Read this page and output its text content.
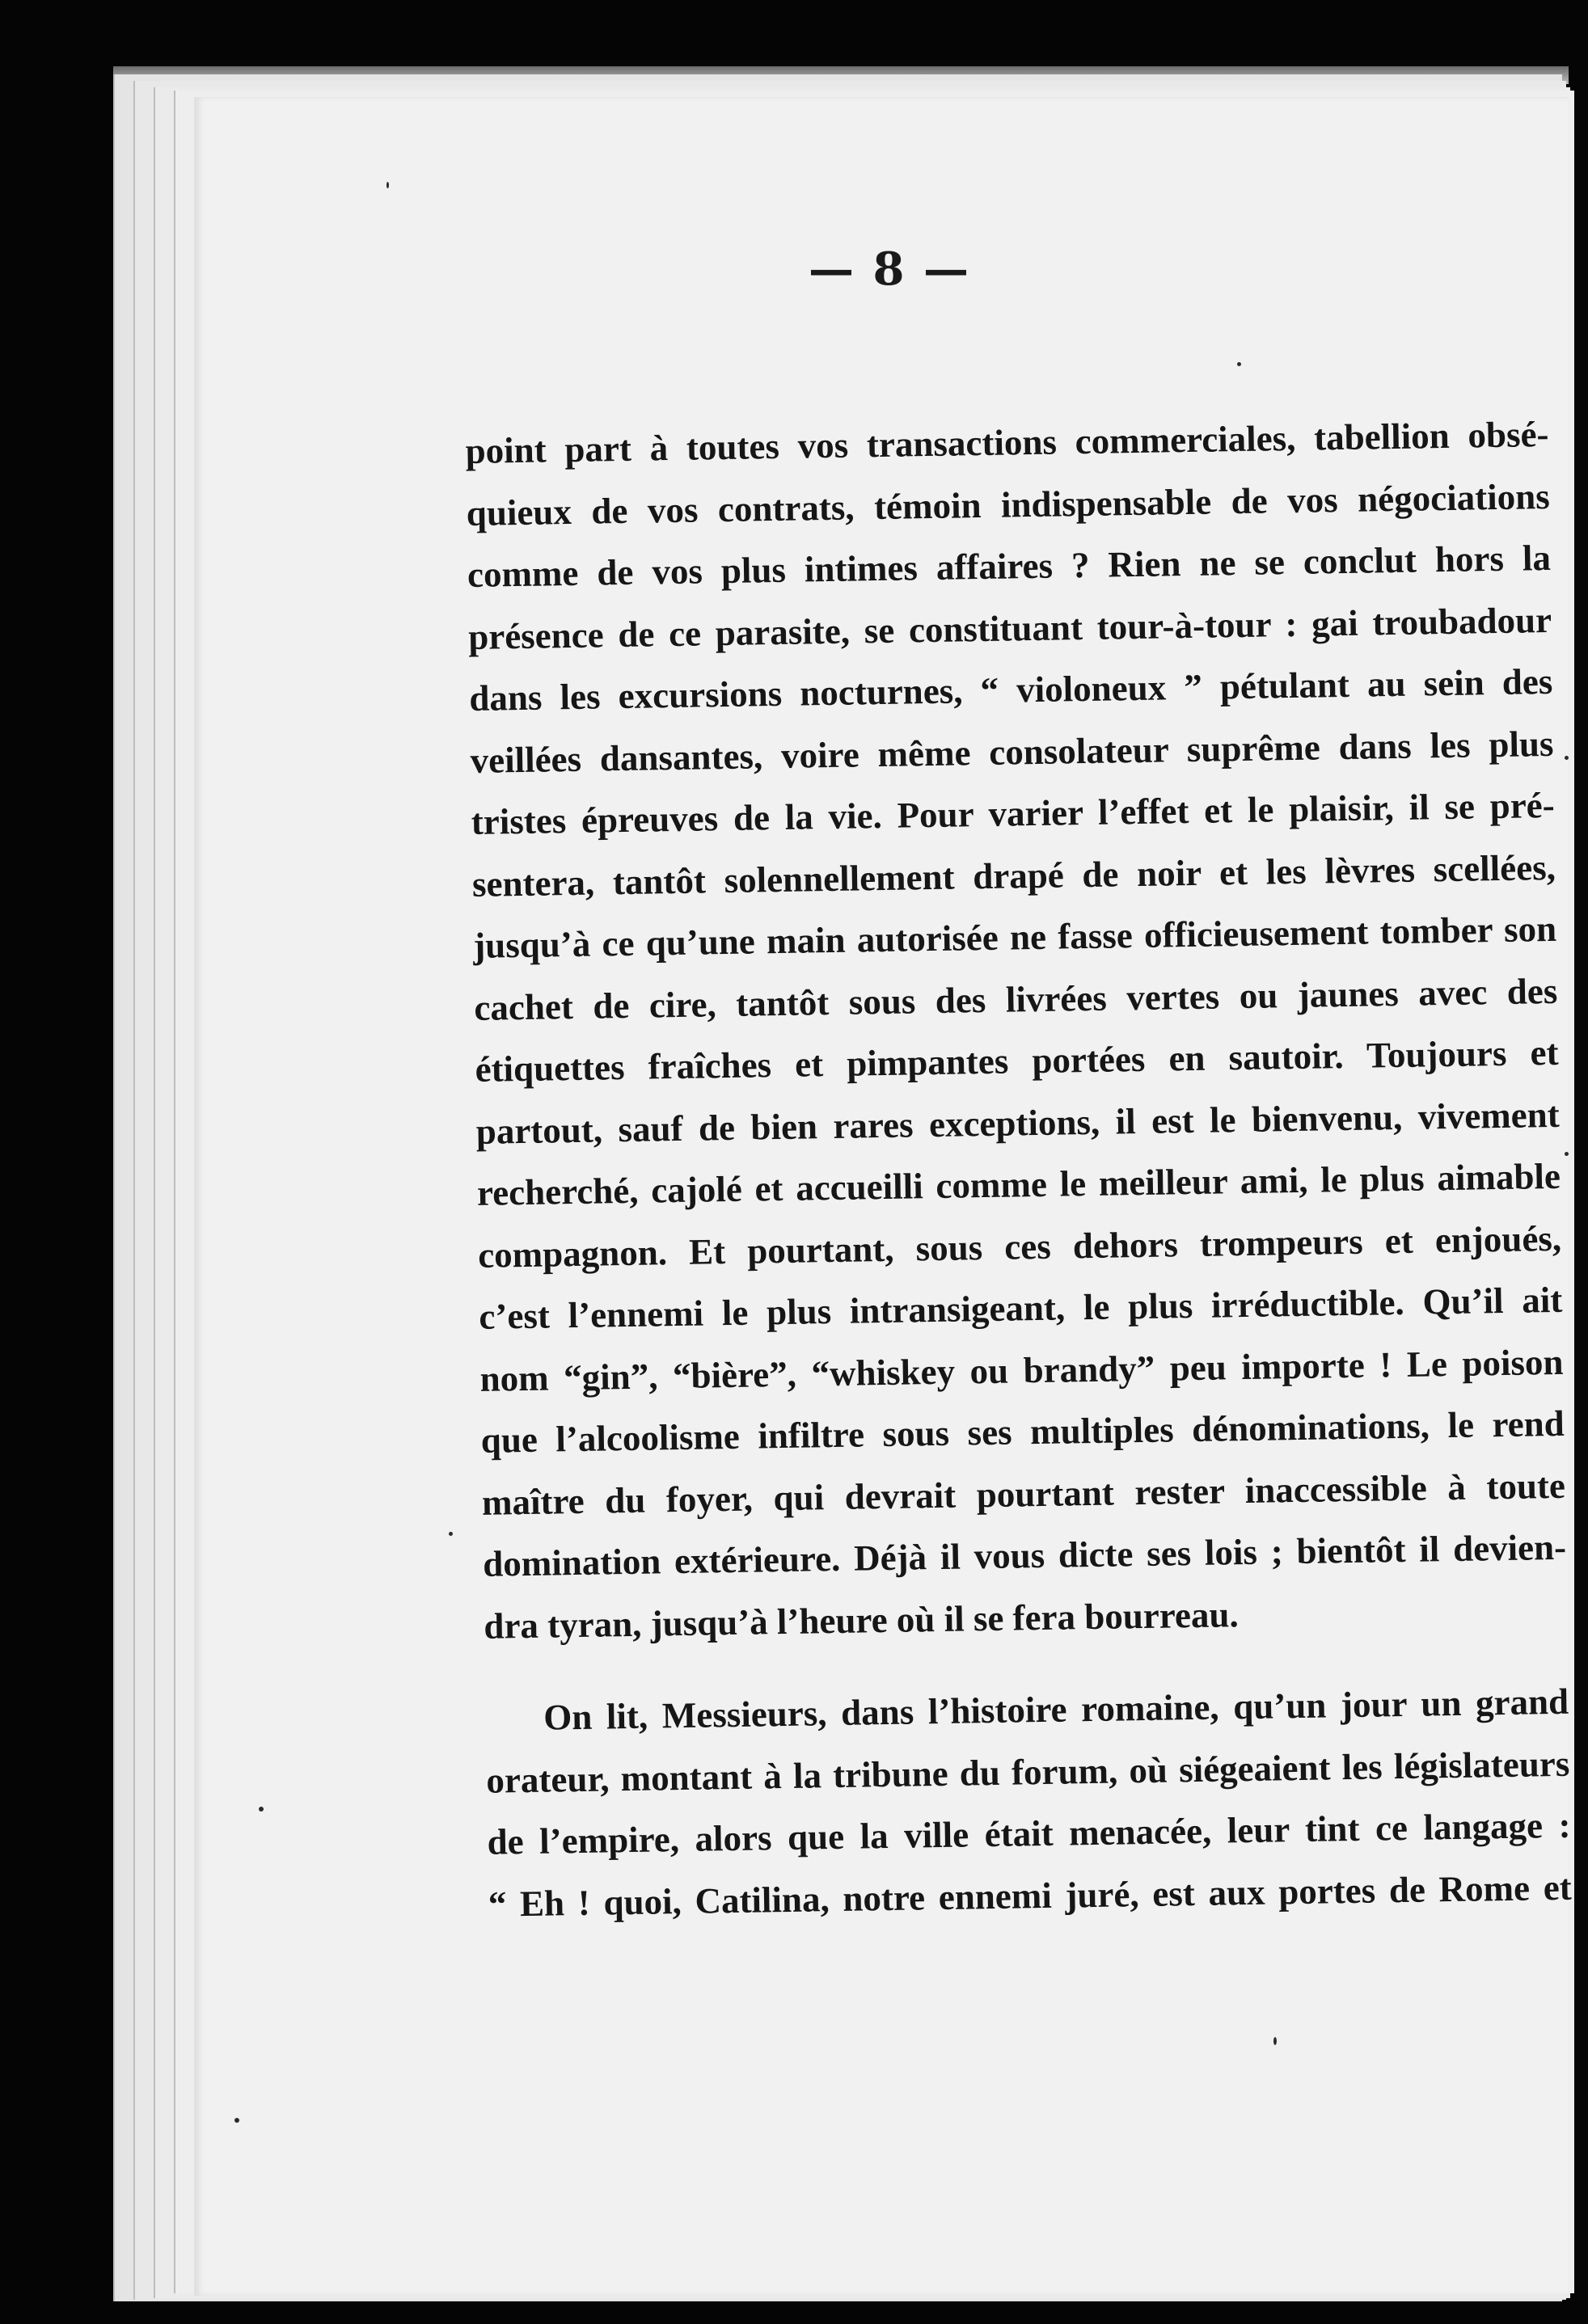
— 8 —
point part à toutes vos transactions commerciales, tabellion obsé-
quieux de vos contrats, témoin indispensable de vos négociations
comme de vos plus intimes affaires ? Rien ne se conclut hors la
présence de ce parasite, se constituant tour-à-tour : gai troubadour
dans les excursions nocturnes, “ violoneux ” pétulant au sein des
veillées dansantes, voire même consolateur suprême dans les plus
tristes épreuves de la vie. Pour varier l’effet et le plaisir, il se pré-
sentera, tantôt solennellement drapé de noir et les lèvres scellées,
jusqu’à ce qu’une main autorisée ne fasse officieusement tomber son
cachet de cire, tantôt sous des livrées vertes ou jaunes avec des
étiquettes fraîches et pimpantes portées en sautoir. Toujours et
partout, sauf de bien rares exceptions, il est le bienvenu, vivement
recherché, cajolé et accueilli comme le meilleur ami, le plus aimable
compagnon. Et pourtant, sous ces dehors trompeurs et enjoués,
c’est l’ennemi le plus intransigeant, le plus irréductible. Qu’il ait
nom “gin”, “bière”, “whiskey ou brandy” peu importe ! Le poison
que l’alcoolisme infiltre sous ses multiples dénominations, le rend
maître du foyer, qui devrait pourtant rester inaccessible à toute
domination extérieure. Déjà il vous dicte ses lois ; bientôt il devien-
dra tyran, jusqu’à l’heure où il se fera bourreau.
On lit, Messieurs, dans l’histoire romaine, qu’un jour un grand
orateur, montant à la tribune du forum, où siégeaient les législateurs
de l’empire, alors que la ville était menacée, leur tint ce langage :
“ Eh ! quoi, Catilina, notre ennemi juré, est aux portes de Rome et
